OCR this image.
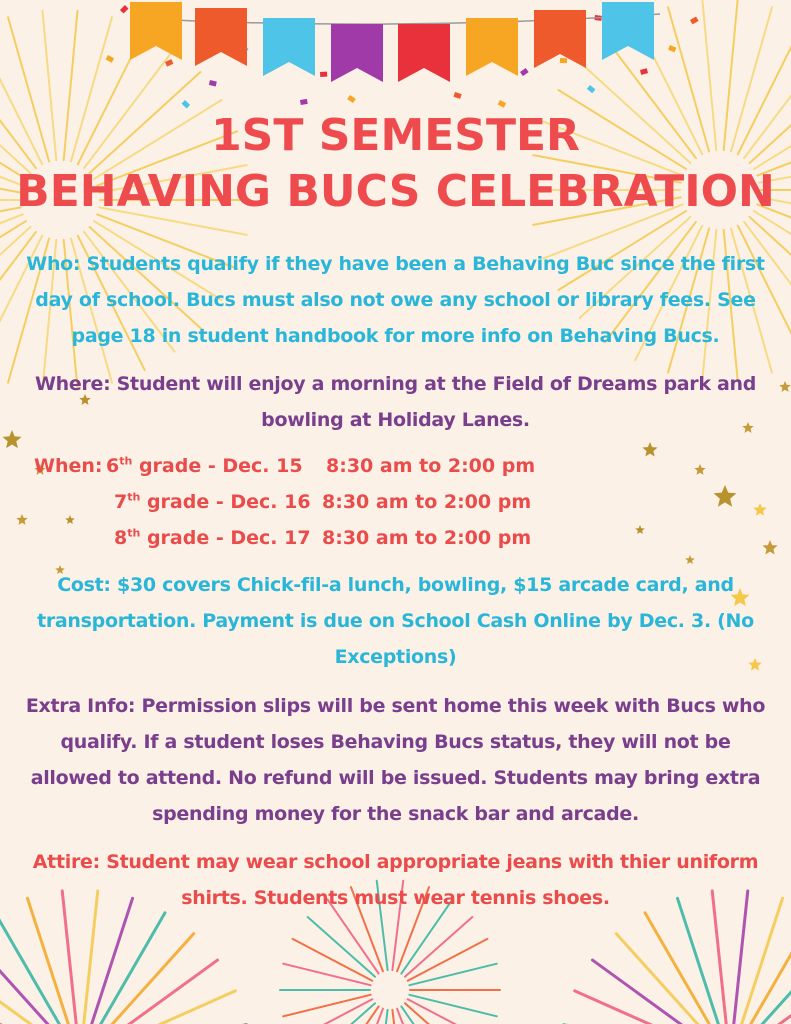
1ST SEMESTER
BEHAVING BUCS CELEBRATION
Who: Students qualify if they have been a Behaving Buc since the first
day of school. Bucs must also not owe any school or library fees. See
page 18 in student handbook for more info on Behaving Bucs.
Where: Student will enjoy a morning at the Field of Dreams park and
bowling at Holiday Lanes.
When: 6th grade - Dec. 15 8:30 am to 2:00 pm
7th grade - Dec. 16 8:30 am to 2:00 pm
8th grade - Dec. 17 8:30 am to 2:00 pm
Cost: $30 covers Chick-fil-a lunch, bowling, $15 arcade card, and
transportation. Payment is due on School Cash Online by Dec. 3. (No
Exceptions)
Extra Info: Permission slips will be sent home this week with Bucs who
qualify. If a student loses Behaving Bucs status, they will not be
allowed to attend. No refund will be issued. Students may bring extra
spending money for the snack bar and arcade.
Attire: Student may wear school appropriate jeans with thier uniform
shirts. Students must wear tennis shoes.
